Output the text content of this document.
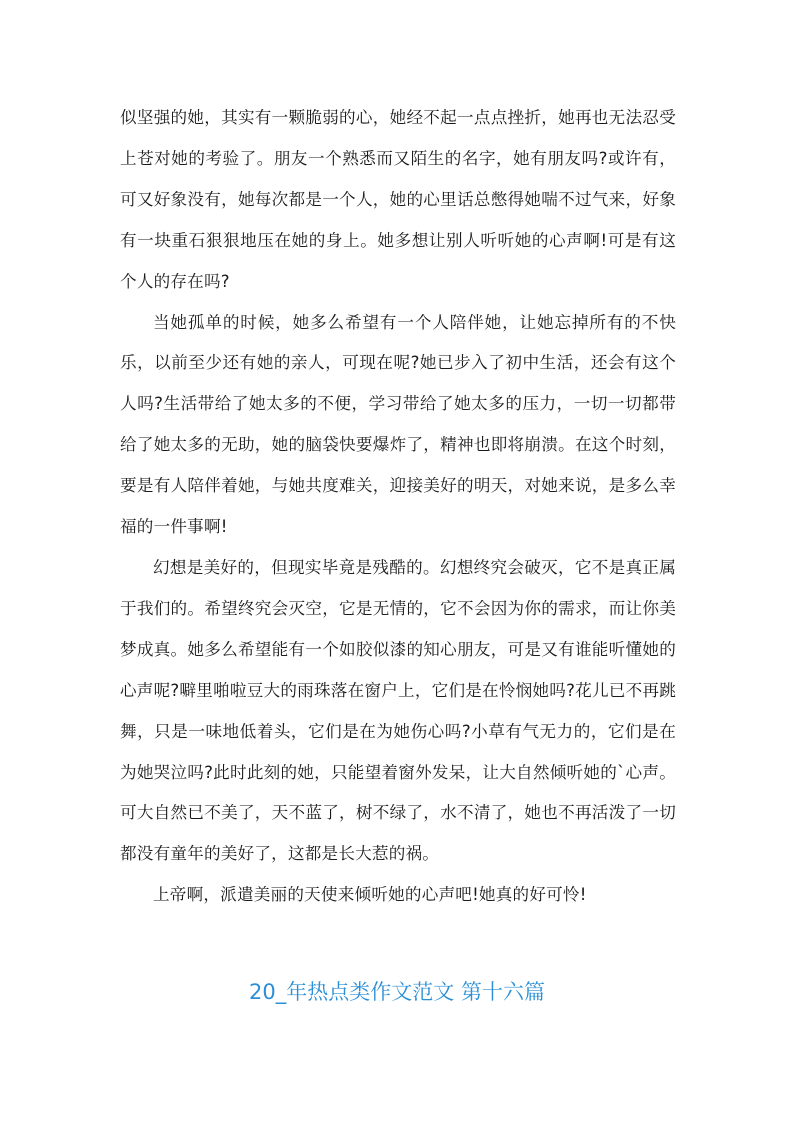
似坚强的她，其实有一颗脆弱的心，她经不起一点点挫折，她再也无法忍受上苍对她的考验了。朋友一个熟悉而又陌生的名字，她有朋友吗?或许有，可又好象没有，她每次都是一个人，她的心里话总憋得她喘不过气来，好象有一块重石狠狠地压在她的身上。她多想让别人听听她的心声啊!可是有这个人的存在吗?

当她孤单的时候，她多么希望有一个人陪伴她，让她忘掉所有的不快乐，以前至少还有她的亲人，可现在呢?她已步入了初中生活，还会有这个人吗?生活带给了她太多的不便，学习带给了她太多的压力，一切一切都带给了她太多的无助，她的脑袋快要爆炸了，精神也即将崩溃。在这个时刻，要是有人陪伴着她，与她共度难关，迎接美好的明天，对她来说，是多么幸福的一件事啊!

幻想是美好的，但现实毕竟是残酷的。幻想终究会破灭，它不是真正属于我们的。希望终究会灭空，它是无情的，它不会因为你的需求，而让你美梦成真。她多么希望能有一个如胶似漆的知心朋友，可是又有谁能听懂她的心声呢?噼里啪啦豆大的雨珠落在窗户上，它们是在怜悯她吗?花儿已不再跳舞，只是一味地低着头，它们是在为她伤心吗?小草有气无力的，它们是在为她哭泣吗?此时此刻的她，只能望着窗外发呆，让大自然倾听她的`心声。可大自然已不美了，天不蓝了，树不绿了，水不清了，她也不再活泼了一切都没有童年的美好了，这都是长大惹的祸。

上帝啊，派遣美丽的天使来倾听她的心声吧!她真的好可怜!

20_年热点类作文范文 第十六篇
